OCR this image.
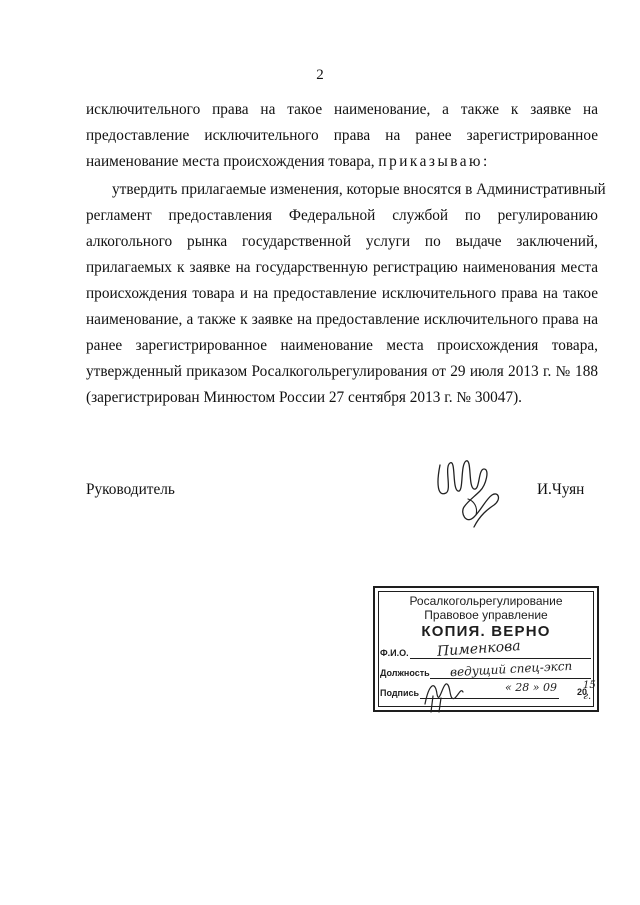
2
исключительного права на такое наименование, а также к заявке на
предоставление исключительного права на ранее зарегистрированное
наименование места происхождения товара, приказываю:
утвердить прилагаемые изменения, которые вносятся в Административный
регламент предоставления Федеральной службой по регулированию
алкогольного рынка государственной услуги по выдаче заключений,
прилагаемых к заявке на государственную регистрацию наименования места
происхождения товара и на предоставление исключительного права на такое
наименование, а также к заявке на предоставление исключительного права на
ранее зарегистрированное наименование места происхождения товара,
утвержденный приказом Росалкогольрегулирования от 29 июля 2013 г. № 188
(зарегистрирован Минюстом России 27 сентября 2013 г. № 30047).
Руководитель	И.Чуян
Росалкогольрегулирование
Правовое управление
КОПИЯ. ВЕРНО
Ф.И.О.
Должность
Подпись	20
15 г.
Пименкова
ведущий спец-эксп
« 28 » 09
